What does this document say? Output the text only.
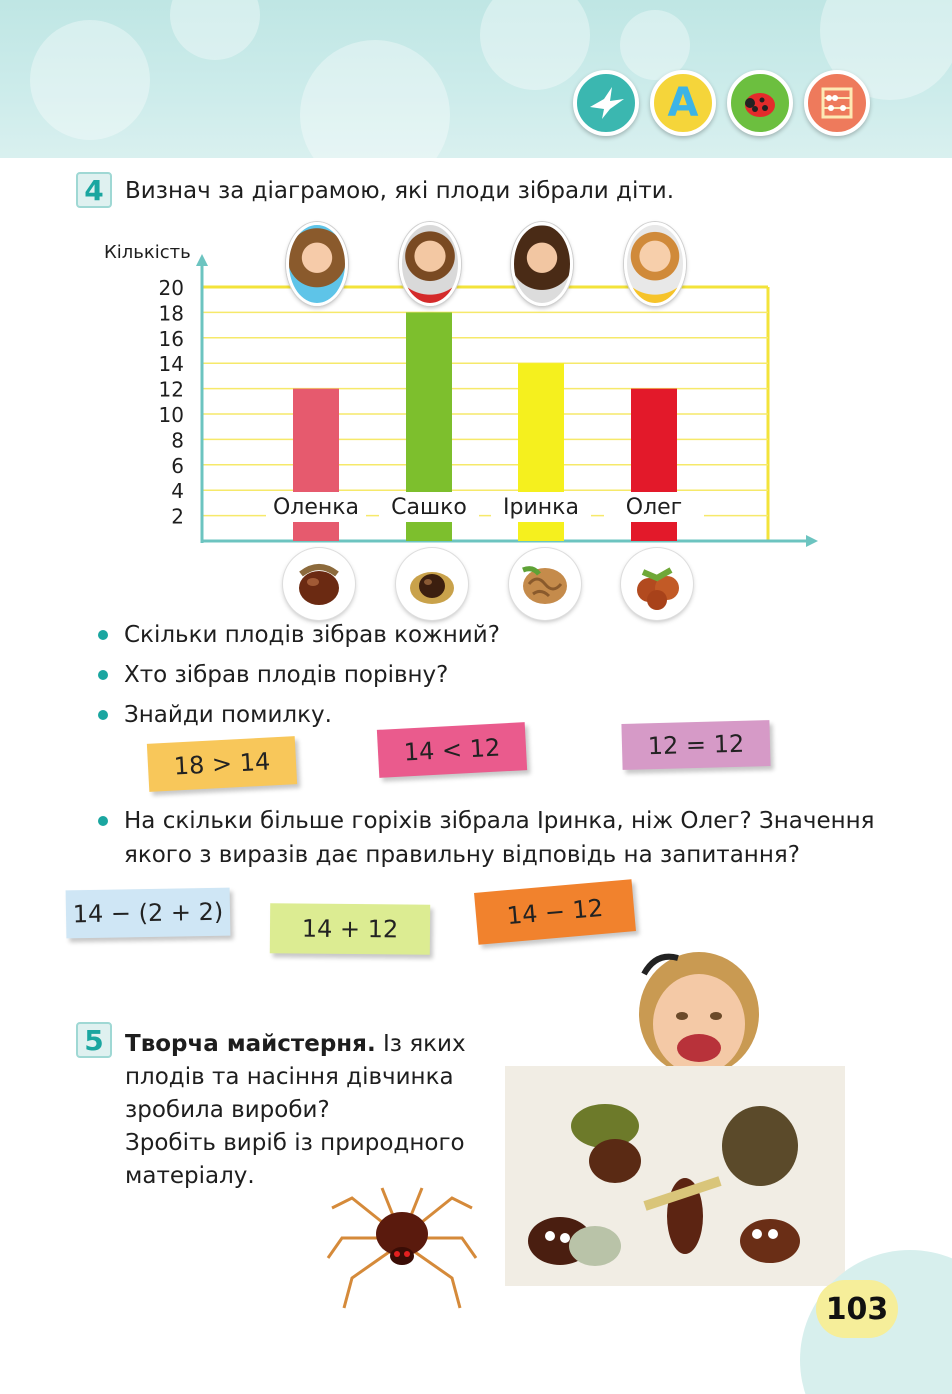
A
4 Визнач за діаграмою, які плоди зібрали діти.
2
4
6
8
10
12
14
16
18
20
Кількість
Оленка Сашко Іринка Олег
Скільки плодів зібрав кожний?
Хто зібрав плодів порівну?
Знайди помилку.
18 > 14	14 < 12	12 = 12
На скільки більше горіхів зібрала Іринка, ніж Олег? Значення
якого з виразів дає правильну відповідь на запитання?
14 − (2 + 2)
14 + 12	14 − 12
5 Творча майстерня. Із яких
плодів та насіння дівчинка
зробила вироби?
Зробіть виріб із природного
матеріалу.
103
